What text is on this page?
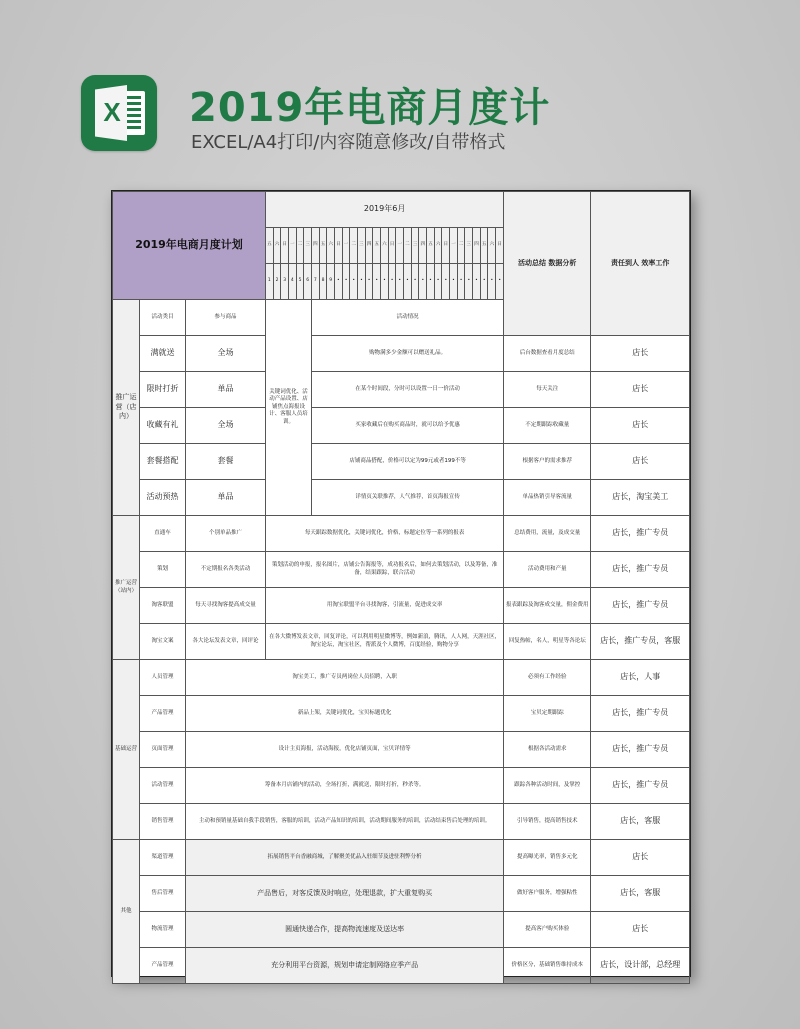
X 2019年电商月度计
EXCEL/A4打印/内容随意修改/自带格式
2019年电商月度计划			2019年6月																															活动总结 数据分析	责任到人 效率工作
			五	六	日	一	二	三	四	五	六	日	一	二	三	四	五	六	日	一	二	三	四	五	六	日	一	二	三	四	五	六	日		
			1	2	3	4	5	6	7	8	9	•	•	•	•	•	•	•	•	•	•	•	•	•	•	•	•	•	•	•	•	•	•		
推广运营（店内）	活动类目	参与商品	关键词优化、活动产品设置、店铺焦点海报设计、客服人员培训。						活动情况																										
	满就送	全场							购物满多少金额可以赠送礼品。																									后台数据查看月度总结	店长
	限时打折	单品							在某个时间段，分时可以设置一日一价活动																									每天关注	店长
	收藏有礼	全场							买家收藏后在购买商品时，就可以给予优惠																									不定期跟踪收藏量	店长
	套餐搭配	套餐							店铺商品搭配，价格可以定为99元或者199不等																									根据客户的需求推荐	店长
	活动预热	单品							详情页关联推荐，人气推荐，首页海报宣传																									单品热销引导客流量	店长，淘宝美工
推广运营（站内）	直通车	个别单品推广	每天跟踪数据优化，关键词优化，价格，标题定位等一系列的报表																															总结费用，流量，及成交量	店长，推广专员
	策划	不定期报名各类活动	策划活动的申报，报名图片，店铺公告海报等，成功报名后，如何去策划活动，以及筹备，准备，结果跟踪，联合活动																															活动费用和产量	店长，推广专员
	淘客联盟	每天寻找淘客提高成交量	用淘宝联盟平台寻找淘客，引流量，促进成交率																															报表跟踪及淘客成交量，佣金费用	店长，推广专员
	淘宝文案	各大论坛发表文章，回评论	在各大微博发表文章，回复评论，可以利用明星微博等，例如新浪，腾讯，人人网，天涯社区，淘宝论坛，淘宝社区，帮派及个人微博，百度经验，购物分享																															回复热帖，名人，明星等各论坛	店长，推广专员，客服
基础运营	人员管理	淘宝美工，推广专员两岗位人员招聘，入职																																必须有工作经验	店长，人事
	产品管理	新品上架，关键词优化，宝贝标题优化																																宝贝定期跟踪	店长，推广专员
	页面管理	设计主页海报，活动海报，优化店铺页面，宝贝详情等																																根据各活动需求	店长，推广专员
	活动管理	筹备本月店铺内的活动，全场打折，满就送，限时打折，秒杀等。																																跟踪各种活动时间，及掌控	店长，推广专员
	销售管理	主动和预销量基础自我手段销售，客服的培训，活动产品知识的培训，活动期间服务的培训，活动结束售后处理的培训。																																引导销售，提高销售技术	店长，客服
其他	渠道管理	拓展销售平台香融商城，了解聚美优品入驻细节及进驻利弊分析																																提高曝光率，销售多元化	店长
	售后管理	产品售后，对客反馈及时响应，处理退款，扩大重复购买																																做好客户服务，增强粘性	店长，客服
	物流管理	圆通快递合作，提高物流速度及送达率																																提高客户购买体验	店长
	产品管理	充分利用平台资源，规划申请定制网络应季产品																																价格区分，基础销售维持成本	店长，设计部，总经理
